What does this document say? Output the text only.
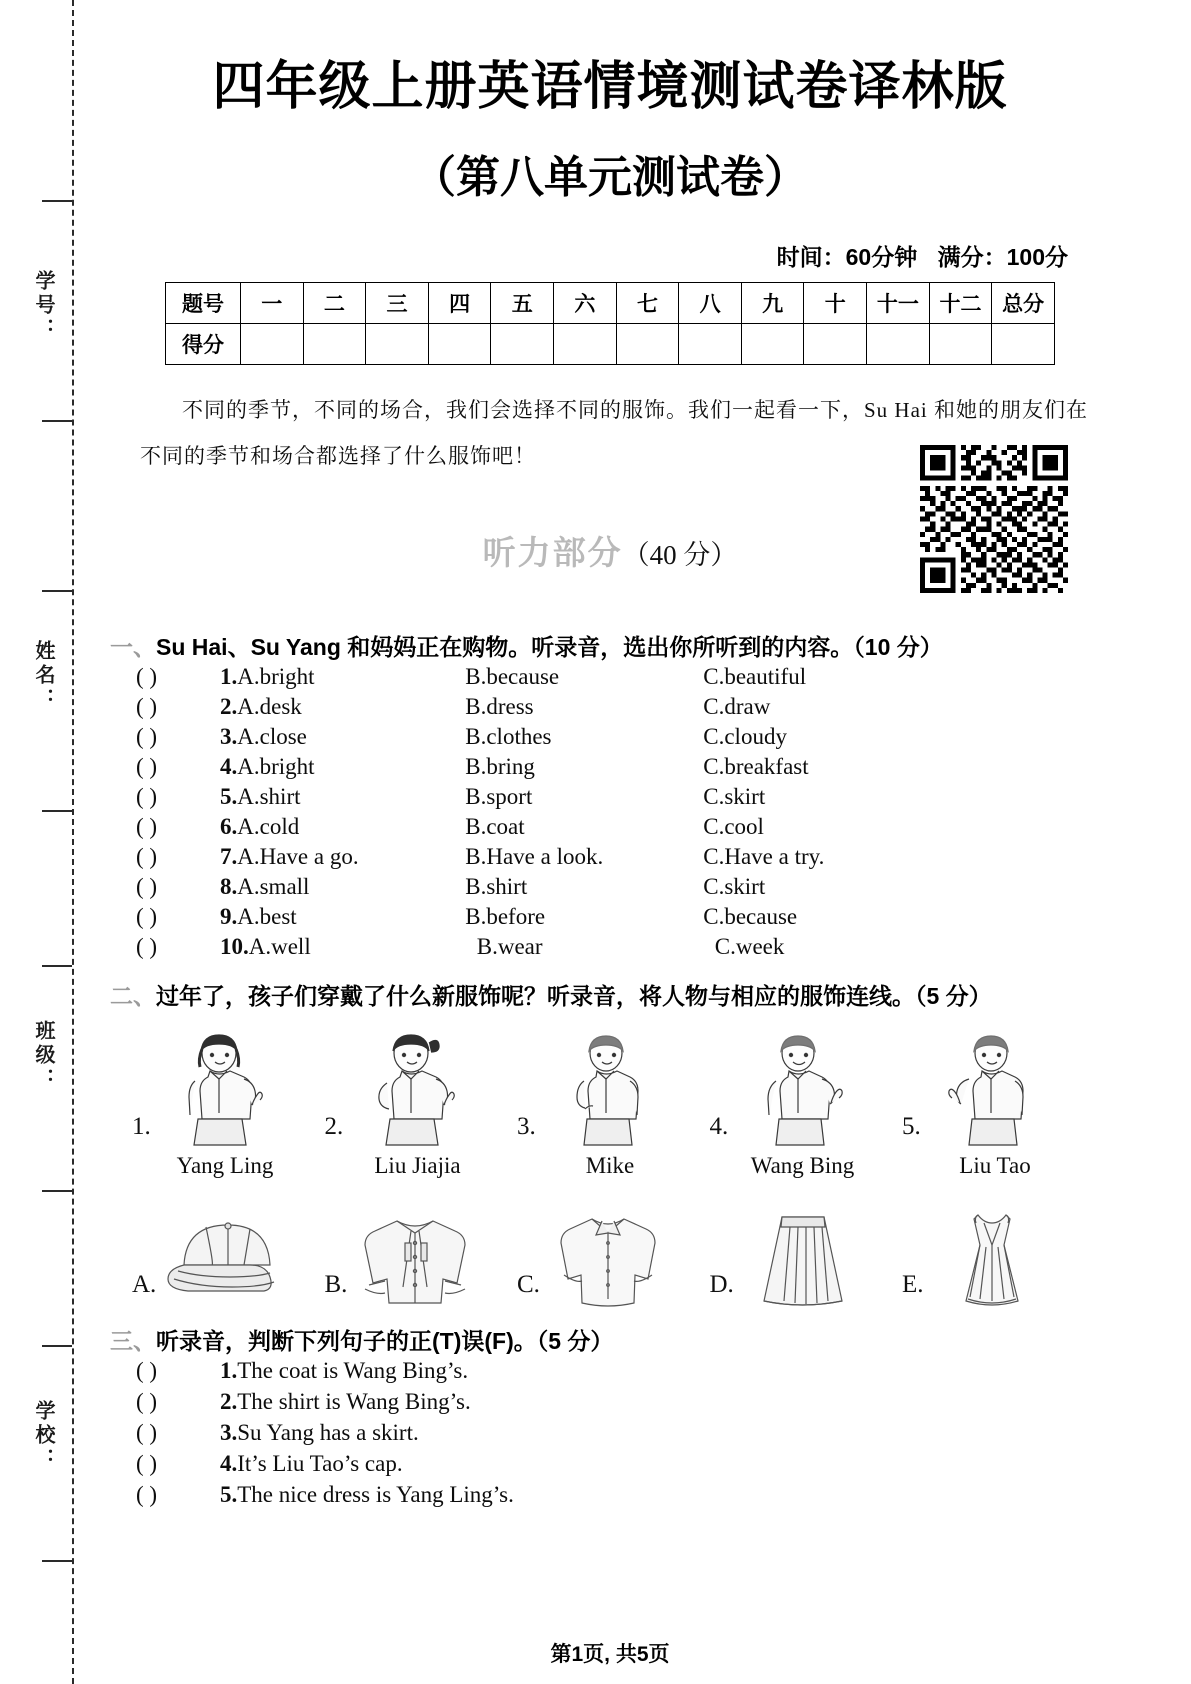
学号：
姓名：
班级：
学校：
四年级上册英语情境测试卷译林版
（第八单元测试卷）
时间：60分钟 满分：100分
题号	一	二	三	四	五	六	七	八	九	十	十一	十二	总分
得分													
不同的季节，不同的场合，我们会选择不同的服饰。我们一起看一下，Su Hai 和她的朋友们在不同的季节和场合都选择了什么服饰吧！
听力部分（40 分）
一、Su Hai、Su Yang 和妈妈正在购物。听录音，选出你所听到的内容。（10 分）
( )	1. A.bright	B.because	C.beautiful
( )	2. A.desk	B.dress	C.draw
( )	3. A.close	B.clothes	C.cloudy
( )	4. A.bright	B.bring	C.breakfast
( )	5. A.shirt	B.sport	C.skirt
( )	6. A.cold	B.coat	C.cool
( )	7. A.Have a go.	B.Have a look.	C.Have a try.
( )	8. A.small	B.shirt	C.skirt
( )	9. A.best	B.before	C.because
( )	10. A.well	B.wear	C.week
二、过年了，孩子们穿戴了什么新服饰呢？听录音，将人物与相应的服饰连线。（5 分）
1.	2.	3.	4.	5.
Yang Ling	Liu Jiajia	Mike	Wang Bing	Liu Tao
A.	B.	C.	D.	E.
三、听录音，判断下列句子的正(T)误(F)。（5 分）
( )	1. The coat is Wang Bing’s.
( )	2. The shirt is Wang Bing’s.
( )	3. Su Yang has a skirt.
( )	4. It’s Liu Tao’s cap.
( )	5. The nice dress is Yang Ling’s.
第1页, 共5页
